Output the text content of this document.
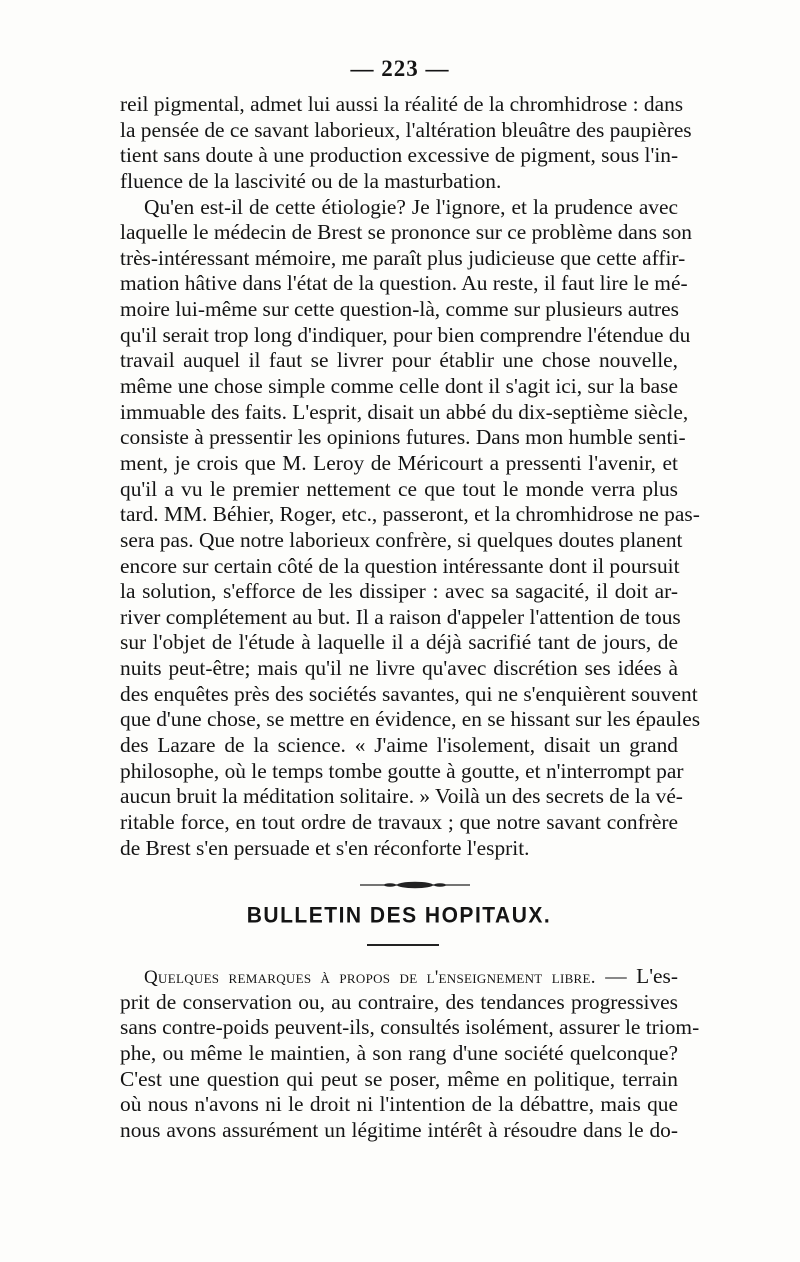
— 223 —
reil pigmental, admet lui aussi la réalité de la chromhidrose : dans
la pensée de ce savant laborieux, l'altération bleuâtre des paupières
tient sans doute à une production excessive de pigment, sous l'in-
fluence de la lascivité ou de la masturbation.
Qu'en est-il de cette étiologie? Je l'ignore, et la prudence avec
laquelle le médecin de Brest se prononce sur ce problème dans son
très-intéressant mémoire, me paraît plus judicieuse que cette affir-
mation hâtive dans l'état de la question. Au reste, il faut lire le mé-
moire lui-même sur cette question-là, comme sur plusieurs autres
qu'il serait trop long d'indiquer, pour bien comprendre l'étendue du
travail auquel il faut se livrer pour établir une chose nouvelle,
même une chose simple comme celle dont il s'agit ici, sur la base
immuable des faits. L'esprit, disait un abbé du dix-septième siècle,
consiste à pressentir les opinions futures. Dans mon humble senti-
ment, je crois que M. Leroy de Méricourt a pressenti l'avenir, et
qu'il a vu le premier nettement ce que tout le monde verra plus
tard. MM. Béhier, Roger, etc., passeront, et la chromhidrose ne pas-
sera pas. Que notre laborieux confrère, si quelques doutes planent
encore sur certain côté de la question intéressante dont il poursuit
la solution, s'efforce de les dissiper : avec sa sagacité, il doit ar-
river complétement au but. Il a raison d'appeler l'attention de tous
sur l'objet de l'étude à laquelle il a déjà sacrifié tant de jours, de
nuits peut-être; mais qu'il ne livre qu'avec discrétion ses idées à
des enquêtes près des sociétés savantes, qui ne s'enquièrent souvent
que d'une chose, se mettre en évidence, en se hissant sur les épaules
des Lazare de la science. « J'aime l'isolement, disait un grand
philosophe, où le temps tombe goutte à goutte, et n'interrompt par
aucun bruit la méditation solitaire. » Voilà un des secrets de la vé-
ritable force, en tout ordre de travaux ; que notre savant confrère
de Brest s'en persuade et s'en réconforte l'esprit.
BULLETIN DES HOPITAUX.
Quelques remarques à propos de l'enseignement libre. — L'es-
prit de conservation ou, au contraire, des tendances progressives
sans contre-poids peuvent-ils, consultés isolément, assurer le triom-
phe, ou même le maintien, à son rang d'une société quelconque?
C'est une question qui peut se poser, même en politique, terrain
où nous n'avons ni le droit ni l'intention de la débattre, mais que
nous avons assurément un légitime intérêt à résoudre dans le do-
